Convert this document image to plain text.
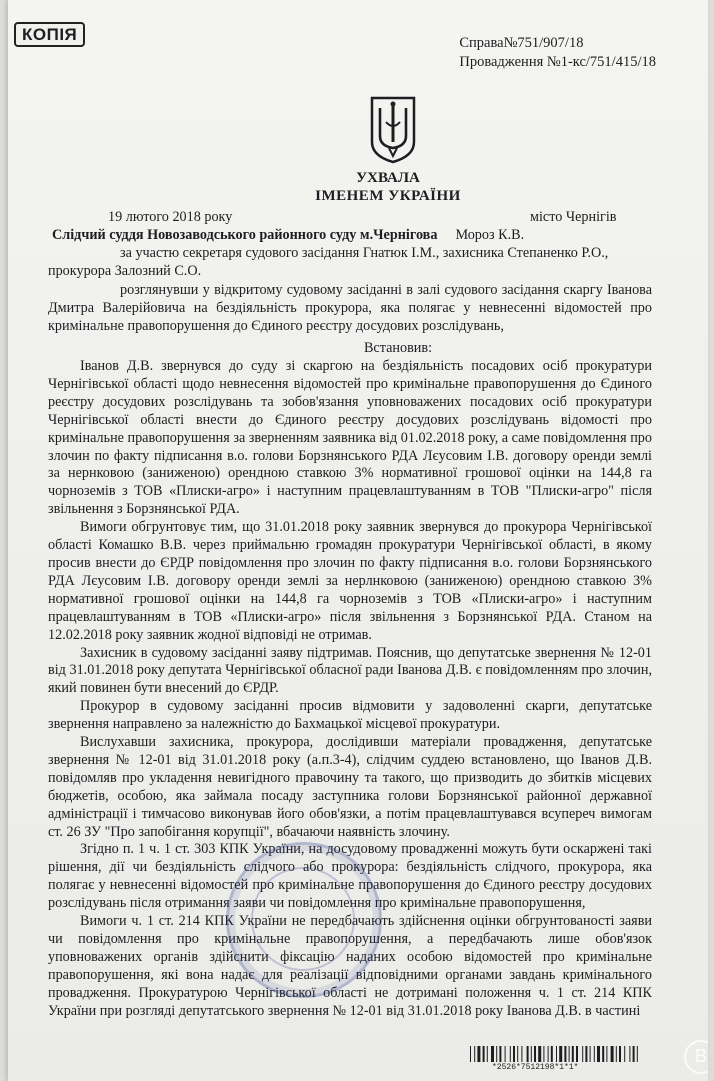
КОПІЯ	Справа№751/907/18
Провадження №1-кс/751/415/18
УХВАЛА
ІМЕНЕМ УКРАЇНИ
19 лютого 2018 року	місто Чернігів
Слідчий суддя Новозаводського районного суду м.Чернігова Мороз К.В.
за участю секретаря судового засідання Гнатюк І.М., захисника Степаненко Р.О.,
прокурора Залозний С.О.

розглянувши у відкритому судовому засіданні в залі судового засідання скаргу Іванова Дмитра Валерійовича на бездіяльність прокурора, яка полягає у невнесенні відомостей про кримінальне правопорушення до Єдиного реєстру досудових розслідувань,

Встановив:

Іванов Д.В. звернувся до суду зі скаргою на бездіяльність посадових осіб прокуратури Чернігівської області щодо невнесення відомостей про кримінальне правопорушення до Єдиного реєстру досудових розслідувань та зобов'язання уповноважених посадових осіб прокуратури Чернігівської області внести до Єдиного реєстру досудових розслідувань відомості про кримінальне правопорушення за зверненням заявника від 01.02.2018 року, а саме повідомлення про злочин по факту підписання в.о. голови Борзнянського РДА Лєусовим І.В. договору оренди землі за нернковою (заниженою) орендною ставкою 3% нормативної грошової оцінки на 144,8 га чорноземів з ТОВ «Плиски-агро» і наступним працевлаштуванням в ТОВ "Плиски-агро" після звільнення з Борзнянської РДА.

Вимоги обгрунтовує тим, що 31.01.2018 року заявник звернувся до прокурора Чернігівської області Комашко В.В. через приймальню громадян прокуратури Чернігівської області, в якому просив внести до ЄРДР повідомлення про злочин по факту підписання в.о. голови Борзнянського РДА Лєусовим І.В. договору оренди землі за нерлнковою (заниженою) орендною ставкою 3% нормативної грошової оцінки на 144,8 га чорноземів з ТОВ «Плиски-агро» і наступним працевлаштуванням в ТОВ «Плиски-агро» після звільнення з Борзнянської РДА. Станом на 12.02.2018 року заявник жодної відповіді не отримав.

Захисник в судовому засіданні заяву підтримав. Пояснив, що депутатське звернення № 12-01 від 31.01.2018 року депутата Чернігівської обласної ради Іванова Д.В. є повідомленням про злочин, який повинен бути внесений до ЄРДР.

Прокурор в судовому засіданні просив відмовити у задоволенні скарги, депутатське звернення направлено за належністю до Бахмацької місцевої прокуратури.

Вислухавши захисника, прокурора, дослідивши матеріали провадження, депутатське звернення № 12-01 від 31.01.2018 року (а.п.3-4), слідчим суддею встановлено, що Іванов Д.В. повідомляв про укладення невигідного правочину та такого, що призводить до збитків місцевих бюджетів, особою, яка займала посаду заступника голови Борзнянської районної державної адміністрації і тимчасово виконував його обов'язки, а потім працевлаштувався всупереч вимогам ст. 26 ЗУ "Про запобігання корупції", вбачаючи наявність злочину.

Згідно п. 1 ч. 1 ст. 303 КПК України, на досудовому провадженні можуть бути оскаржені такі рішення, дії чи бездіяльність слідчого або прокурора: бездіяльність слідчого, прокурора, яка полягає у невнесенні відомостей про кримінальне правопорушення до Єдиного реєстру досудових розслідувань після отримання заяви чи повідомлення про кримінальне правопорушення,

Вимоги ч. 1 ст. 214 КПК України не передбачають здійснення оцінки обгрунтованості заяви чи повідомлення про кримінальне правопорушення, а передбачають лише обов'язок уповноважених органів здійснити фіксацію наданих особою відомостей про кримінальне правопорушення, які вона надає для реалізації відповідними органами завдань кримінального провадження. Прокуратурою Чернігівської області не дотримані положення ч. 1 ст. 214 КПК України при розгляді депутатського звернення № 12-01 від 31.01.2018 року Іванова Д.В. в частині

*2526*7512198*1*1*
В
